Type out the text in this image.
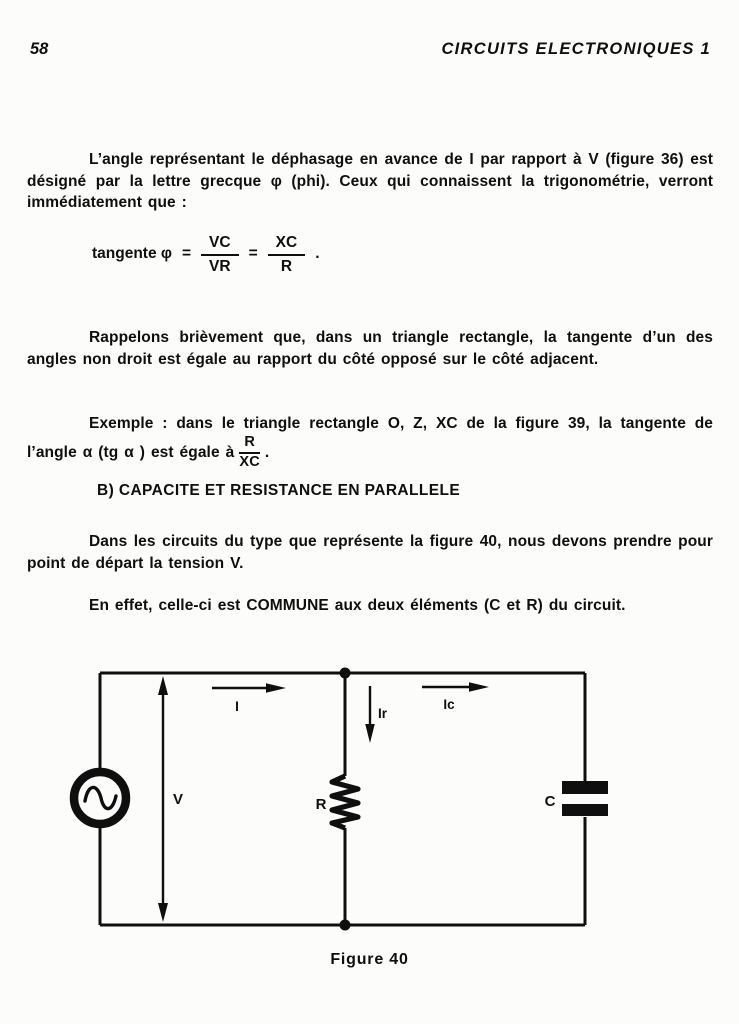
58	CIRCUITS ELECTRONIQUES 1
L’angle représentant le déphasage en avance de I par rapport à V (figure 36) est désigné par la lettre grecque φ (phi). Ceux qui connaissent la trigonométrie, verront immédiatement que :
tangente $\varphi = \frac{VC}{VR} = \frac{XC}{R}$ .
Rappelons brièvement que, dans un triangle rectangle, la tangente d’un des angles non droit est égale au rapport du côté opposé sur le côté adjacent.
Exemple : dans le triangle rectangle O, Z, XC de la figure 39, la tangente de l’angle α (tg α ) est égale à $\frac{R}{XC}$ .
B) CAPACITE ET RESISTANCE EN PARALLELE
Dans les circuits du type que représente la figure 40, nous devons prendre pour point de départ la tension V.
En effet, celle-ci est COMMUNE aux deux éléments (C et R) du circuit.
V
I	Ir
Ic
R	C
Figure 40
